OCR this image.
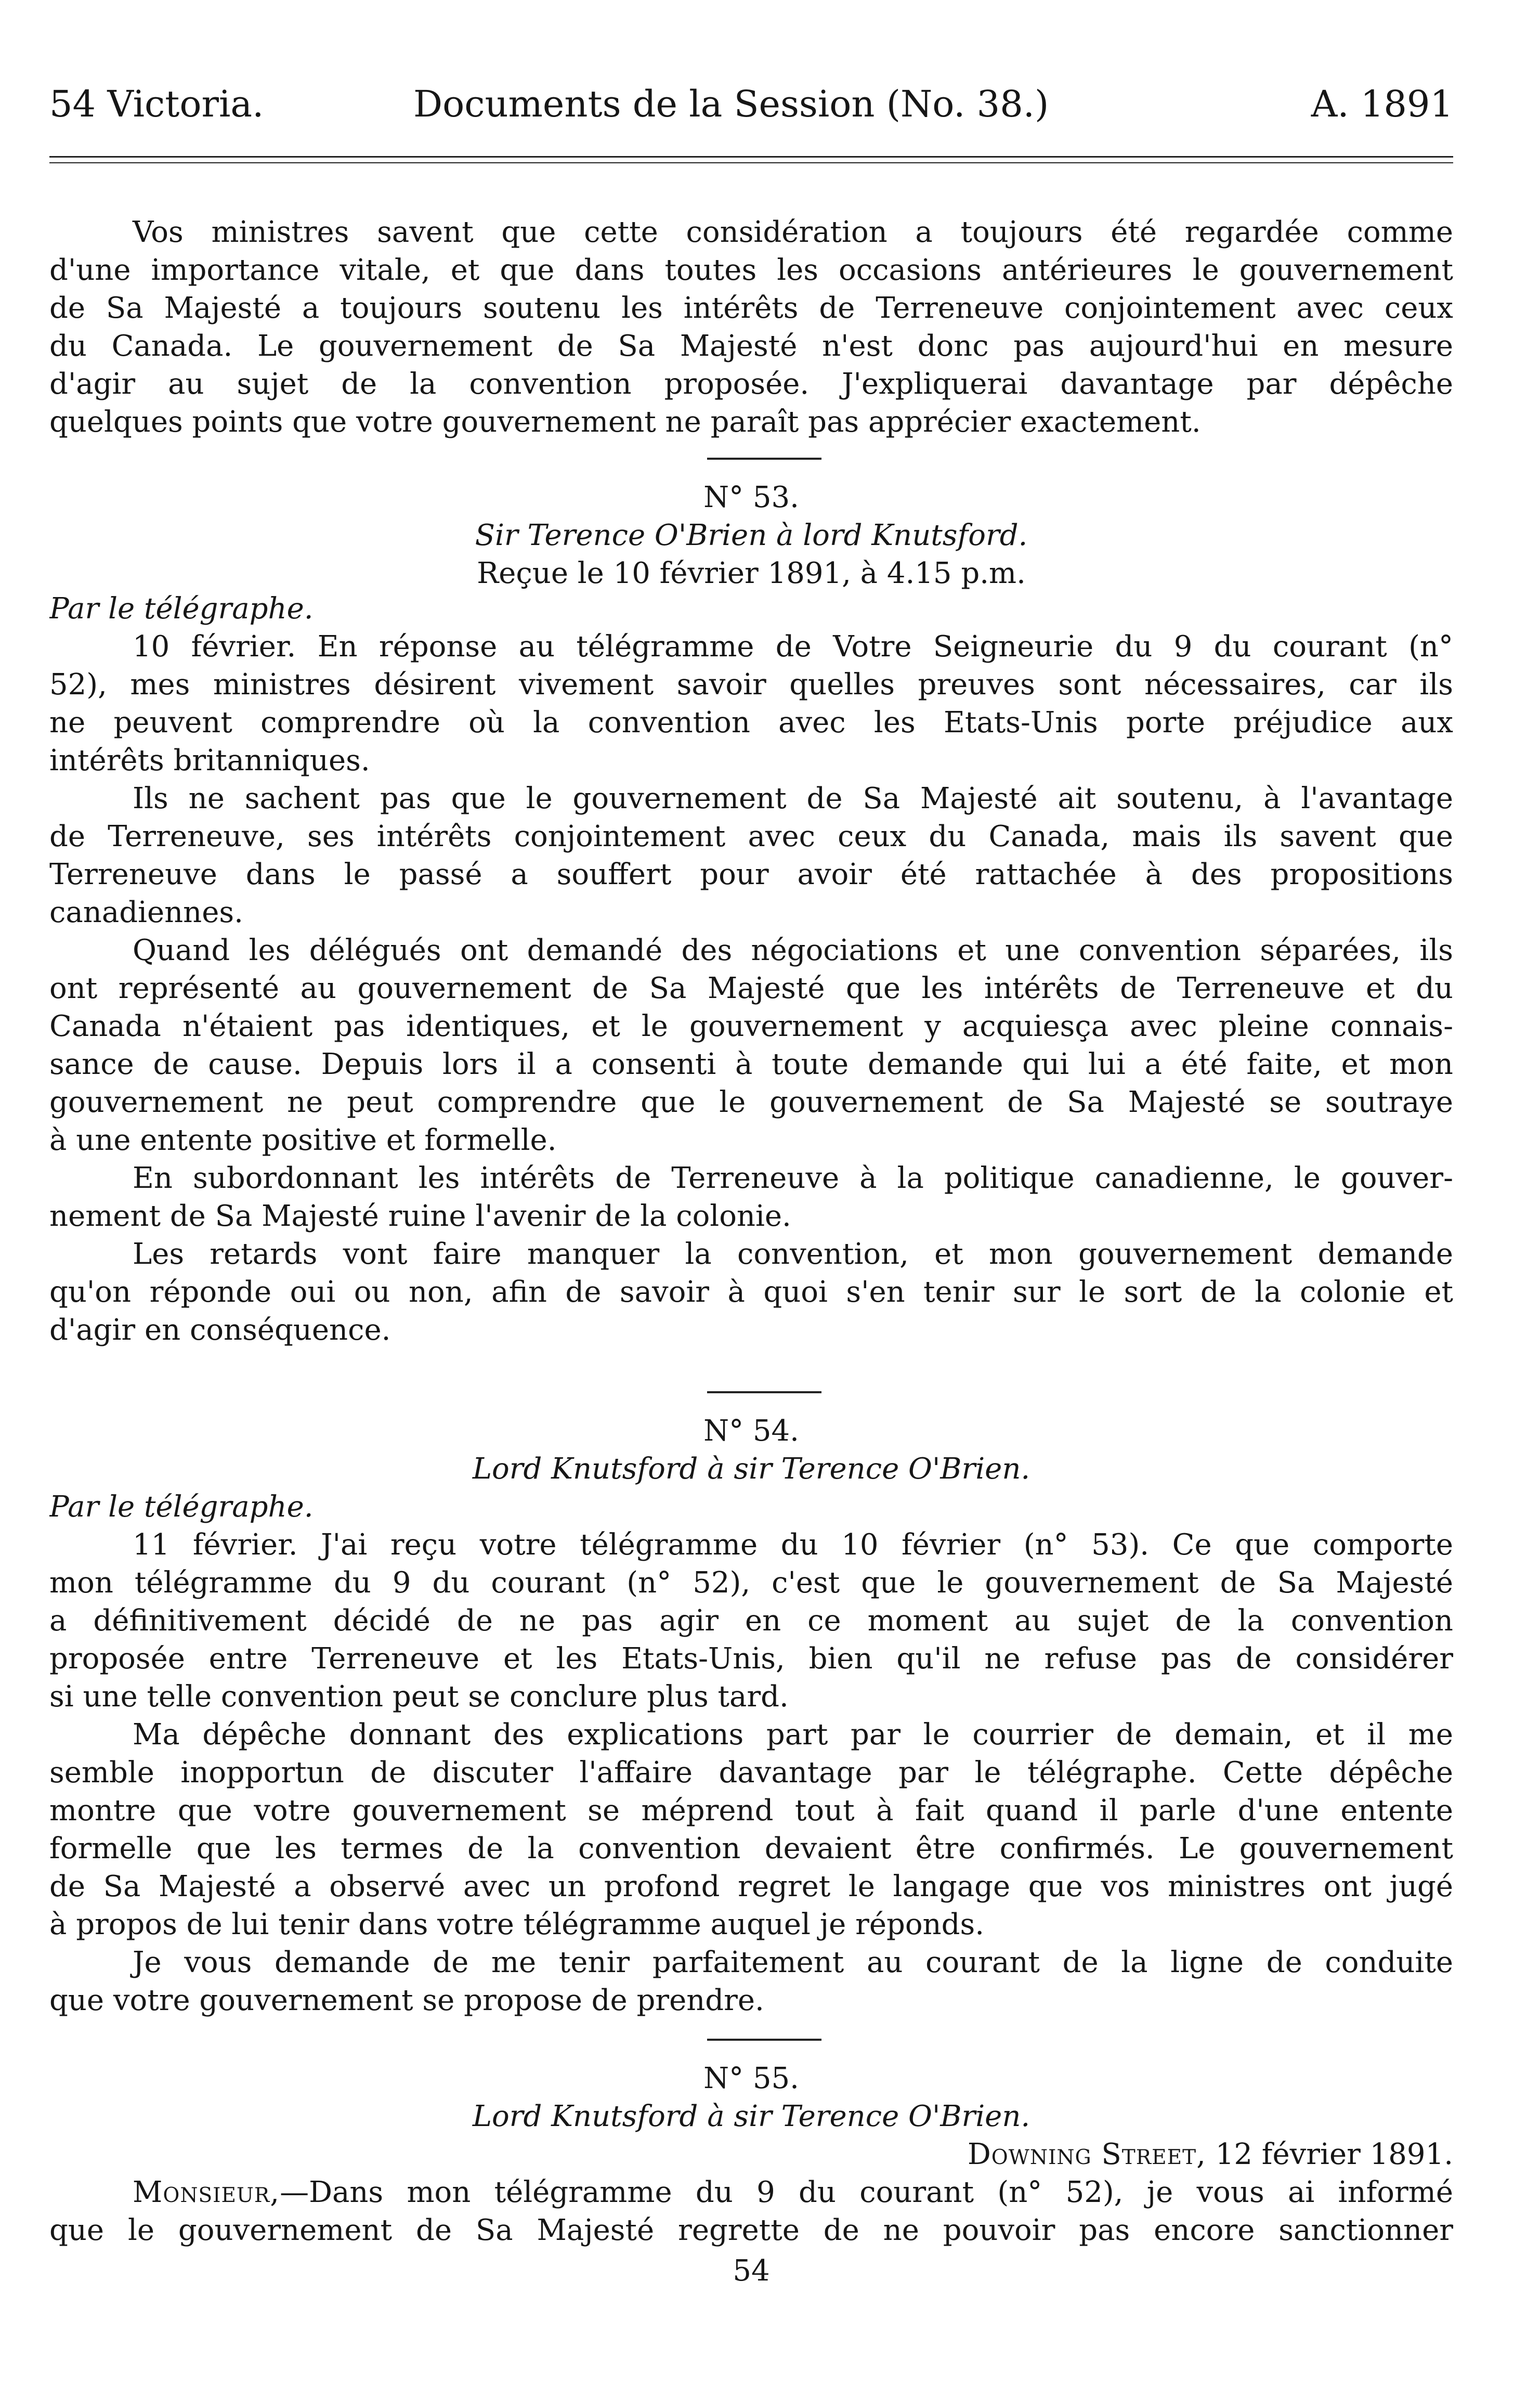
54 Victoria.	Documents de la Session (No. 38.)	A. 1891
Vos ministres savent que cette considération a toujours été regardée comme
d'une importance vitale, et que dans toutes les occasions antérieures le gouvernement
de Sa Majesté a toujours soutenu les intérêts de Terreneuve conjointement avec ceux
du Canada. Le gouvernement de Sa Majesté n'est donc pas aujourd'hui en mesure
d'agir au sujet de la convention proposée. J'expliquerai davantage par dépêche
quelques points que votre gouvernement ne paraît pas apprécier exactement.
N° 53.
Sir Terence O'Brien à lord Knutsford.
Reçue le 10 février 1891, à 4.15 p.m.
Par le télégraphe.
10 février. En réponse au télégramme de Votre Seigneurie du 9 du courant (n°
52), mes ministres désirent vivement savoir quelles preuves sont nécessaires, car ils
ne peuvent comprendre où la convention avec les Etats-Unis porte préjudice aux
intérêts britanniques.
Ils ne sachent pas que le gouvernement de Sa Majesté ait soutenu, à l'avantage
de Terreneuve, ses intérêts conjointement avec ceux du Canada, mais ils savent que
Terreneuve dans le passé a souffert pour avoir été rattachée à des propositions
canadiennes.
Quand les délégués ont demandé des négociations et une convention séparées, ils
ont représenté au gouvernement de Sa Majesté que les intérêts de Terreneuve et du
Canada n'étaient pas identiques, et le gouvernement y acquiesça avec pleine connais-
sance de cause. Depuis lors il a consenti à toute demande qui lui a été faite, et mon
gouvernement ne peut comprendre que le gouvernement de Sa Majesté se soutraye
à une entente positive et formelle.
En subordonnant les intérêts de Terreneuve à la politique canadienne, le gouver-
nement de Sa Majesté ruine l'avenir de la colonie.
Les retards vont faire manquer la convention, et mon gouvernement demande
qu'on réponde oui ou non, afin de savoir à quoi s'en tenir sur le sort de la colonie et
d'agir en conséquence.
N° 54.
Lord Knutsford à sir Terence O'Brien.
Par le télégraphe.
11 février. J'ai reçu votre télégramme du 10 février (n° 53). Ce que comporte
mon télégramme du 9 du courant (n° 52), c'est que le gouvernement de Sa Majesté
a définitivement décidé de ne pas agir en ce moment au sujet de la convention
proposée entre Terreneuve et les Etats-Unis, bien qu'il ne refuse pas de considérer
si une telle convention peut se conclure plus tard.
Ma dépêche donnant des explications part par le courrier de demain, et il me
semble inopportun de discuter l'affaire davantage par le télégraphe. Cette dépêche
montre que votre gouvernement se méprend tout à fait quand il parle d'une entente
formelle que les termes de la convention devaient être confirmés. Le gouvernement
de Sa Majesté a observé avec un profond regret le langage que vos ministres ont jugé
à propos de lui tenir dans votre télégramme auquel je réponds.
Je vous demande de me tenir parfaitement au courant de la ligne de conduite
que votre gouvernement se propose de prendre.
N° 55.
Lord Knutsford à sir Terence O'Brien.
Downing Street, 12 février 1891.
Monsieur,—Dans mon télégramme du 9 du courant (n° 52), je vous ai informé
que le gouvernement de Sa Majesté regrette de ne pouvoir pas encore sanctionner
54
